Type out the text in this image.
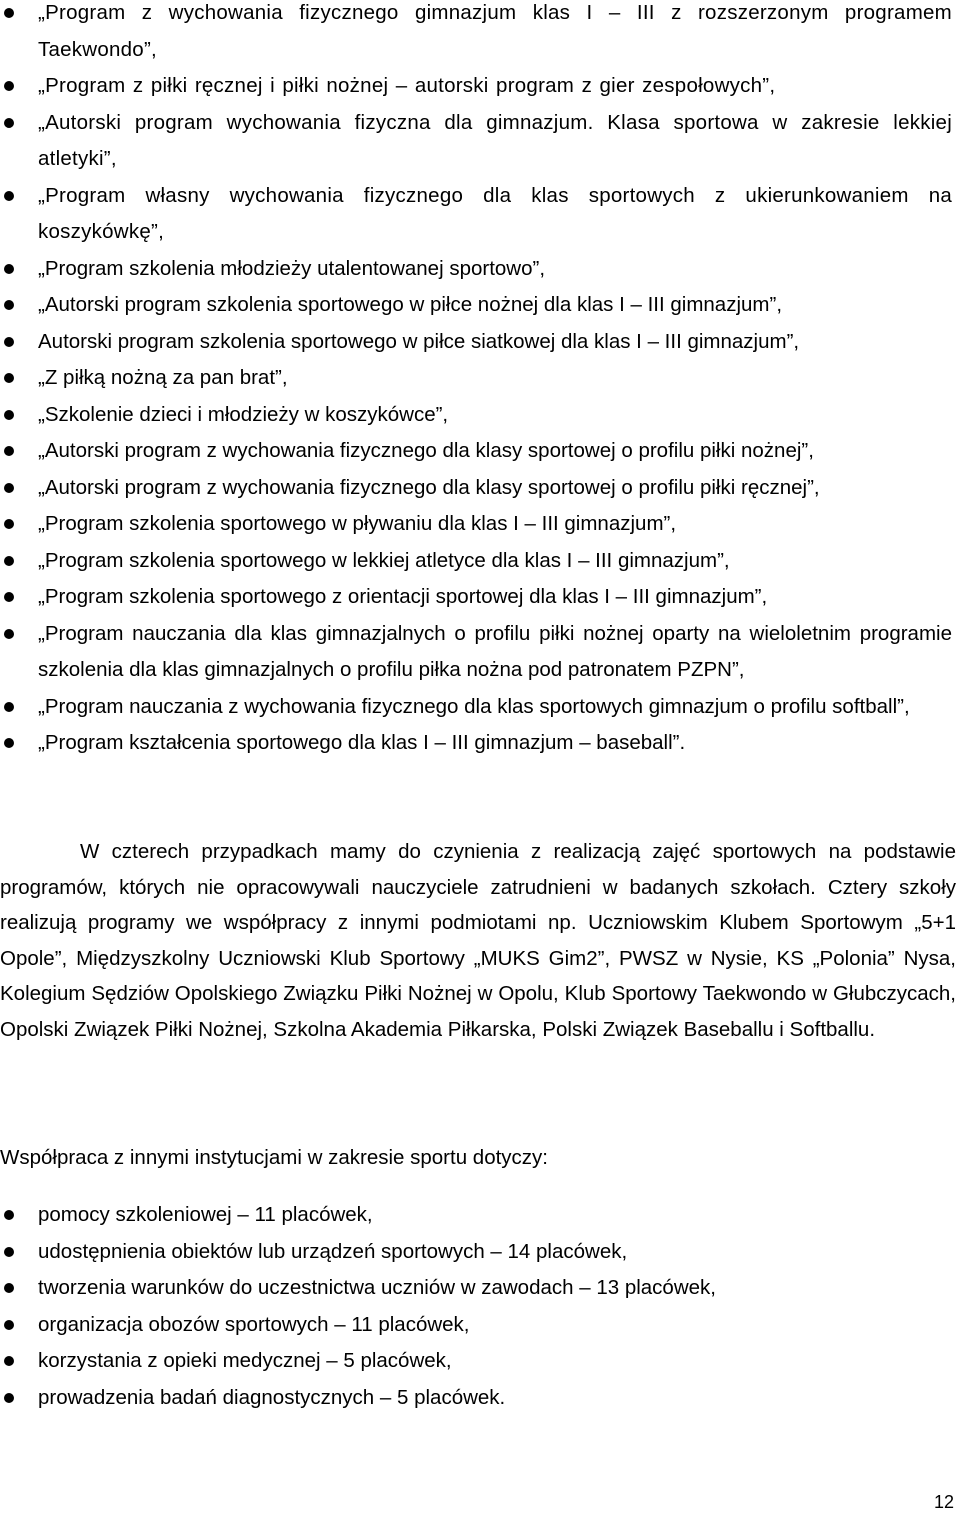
„Program z wychowania fizycznego gimnazjum klas I – III z rozszerzonym programem Taekwondo”,
„Program z piłki ręcznej i piłki nożnej – autorski program z gier zespołowych”,
„Autorski program wychowania fizyczna dla gimnazjum. Klasa sportowa w zakresie lekkiej atletyki”,
„Program własny wychowania fizycznego dla klas sportowych z ukierunkowaniem na koszykówkę”,
„Program szkolenia młodzieży utalentowanej sportowo”,
„Autorski program szkolenia sportowego w piłce nożnej dla klas I – III gimnazjum”,
Autorski program szkolenia sportowego w piłce siatkowej dla klas I – III gimnazjum”,
„Z piłką nożną za pan brat”,
„Szkolenie dzieci i młodzieży w koszykówce”,
„Autorski program z wychowania fizycznego dla klasy sportowej o profilu piłki nożnej”,
„Autorski program z wychowania fizycznego dla klasy sportowej o profilu piłki ręcznej”,
„Program szkolenia sportowego w pływaniu dla klas I – III gimnazjum”,
„Program szkolenia sportowego w lekkiej atletyce dla klas I – III gimnazjum”,
„Program szkolenia sportowego z orientacji sportowej dla klas I – III gimnazjum”,
„Program nauczania dla klas gimnazjalnych o profilu piłki nożnej oparty na wieloletnim programie szkolenia dla klas gimnazjalnych o profilu piłka nożna pod patronatem PZPN”,
„Program nauczania z wychowania fizycznego dla klas sportowych gimnazjum o profilu softball”,
„Program kształcenia sportowego dla klas I – III gimnazjum – baseball”.

W czterech przypadkach mamy do czynienia z realizacją zajęć sportowych na podstawie programów, których nie opracowywali nauczyciele zatrudnieni w badanych szkołach. Cztery szkoły realizują programy we współpracy z innymi podmiotami np. Uczniowskim Klubem Sportowym „5+1 Opole”, Międzyszkolny Uczniowski Klub Sportowy „MUKS Gim2”, PWSZ w Nysie, KS „Polonia” Nysa, Kolegium Sędziów Opolskiego Związku Piłki Nożnej w Opolu, Klub Sportowy Taekwondo w Głubczycach, Opolski Związek Piłki Nożnej, Szkolna Akademia Piłkarska, Polski Związek Baseballu i Softballu.

Współpraca z innymi instytucjami w zakresie sportu dotyczy:
pomocy szkoleniowej – 11 placówek,
udostępnienia obiektów lub urządzeń sportowych – 14 placówek,
tworzenia warunków do uczestnictwa uczniów w zawodach – 13 placówek,
organizacja obozów sportowych – 11 placówek,
korzystania z opieki medycznej – 5 placówek,
prowadzenia badań diagnostycznych – 5 placówek.
12
